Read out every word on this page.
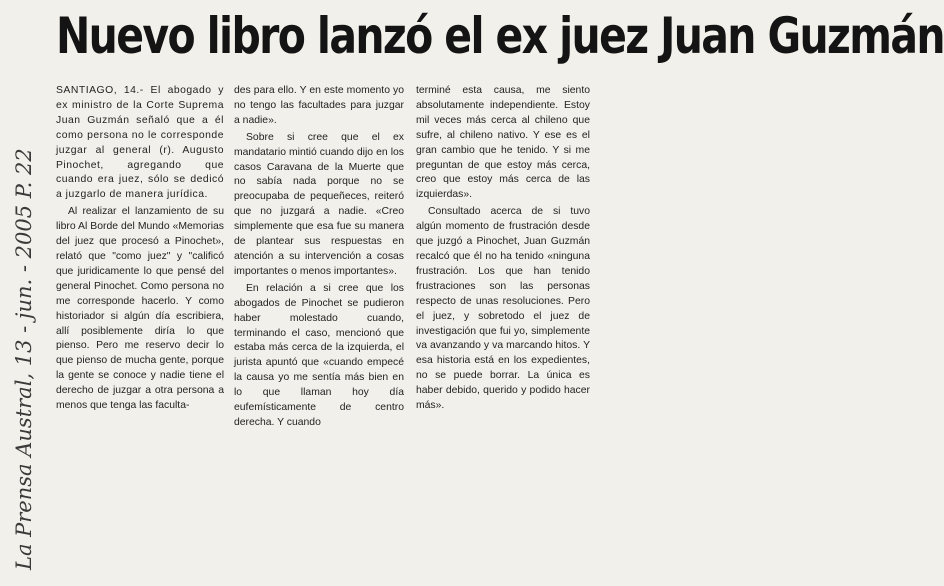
La Prensa Austral, 13 - jun. - 2005 P. 22
Nuevo libro lanzó el ex juez Juan Guzmán

SANTIAGO, 14.- El abogado y ex ministro de la Corte Suprema Juan Guzmán señaló que a él como persona no le corresponde juzgar al general (r). Augusto Pinochet, agregando que cuando era juez, sólo se dedicó a juzgarlo de manera jurídica.

Al realizar el lanzamiento de su libro Al Borde del Mundo «Memorias del juez que procesó a Pinochet», relató que "como juez" y "calificó que juridicamente lo que pensé del general Pinochet. Como persona no me corresponde hacerlo. Y como historiador si algún día escribiera, allí posiblemente diría lo que pienso. Pero me reservo decir lo que pienso de mucha gente, porque la gente se conoce y nadie tiene el derecho de juzgar a otra persona a menos que tenga las faculta-

des para ello. Y en este momento yo no tengo las facultades para juzgar a nadie».

Sobre si cree que el ex mandatario mintió cuando dijo en los casos Caravana de la Muerte que no sabía nada porque no se preocupaba de pequeñeces, reiteró que no juzgará a nadie. «Creo simplemente que esa fue su manera de plantear sus respuestas en atención a su intervención a cosas importantes o menos importantes».

En relación a si cree que los abogados de Pinochet se pudieron haber molestado cuando, terminando el caso, mencionó que estaba más cerca de la izquierda, el jurista apuntó que «cuando empecé la causa yo me sentía más bien en lo que llaman hoy día eufemísticamente de centro derecha. Y cuando

terminé esta causa, me siento absolutamente independiente. Estoy mil veces más cerca al chileno que sufre, al chileno nativo. Y ese es el gran cambio que he tenido. Y si me preguntan de que estoy más cerca, creo que estoy más cerca de las izquierdas».

Consultado acerca de si tuvo algún momento de frustración desde que juzgó a Pinochet, Juan Guzmán recalcó que él no ha tenido «ninguna frustración. Los que han tenido frustraciones son las personas respecto de unas resoluciones. Pero el juez, y sobretodo el juez de investigación que fui yo, simplemente va avanzando y va marcando hitos. Y esa historia está en los expedientes, no se puede borrar. La única es haber debido, querido y podido hacer más».
